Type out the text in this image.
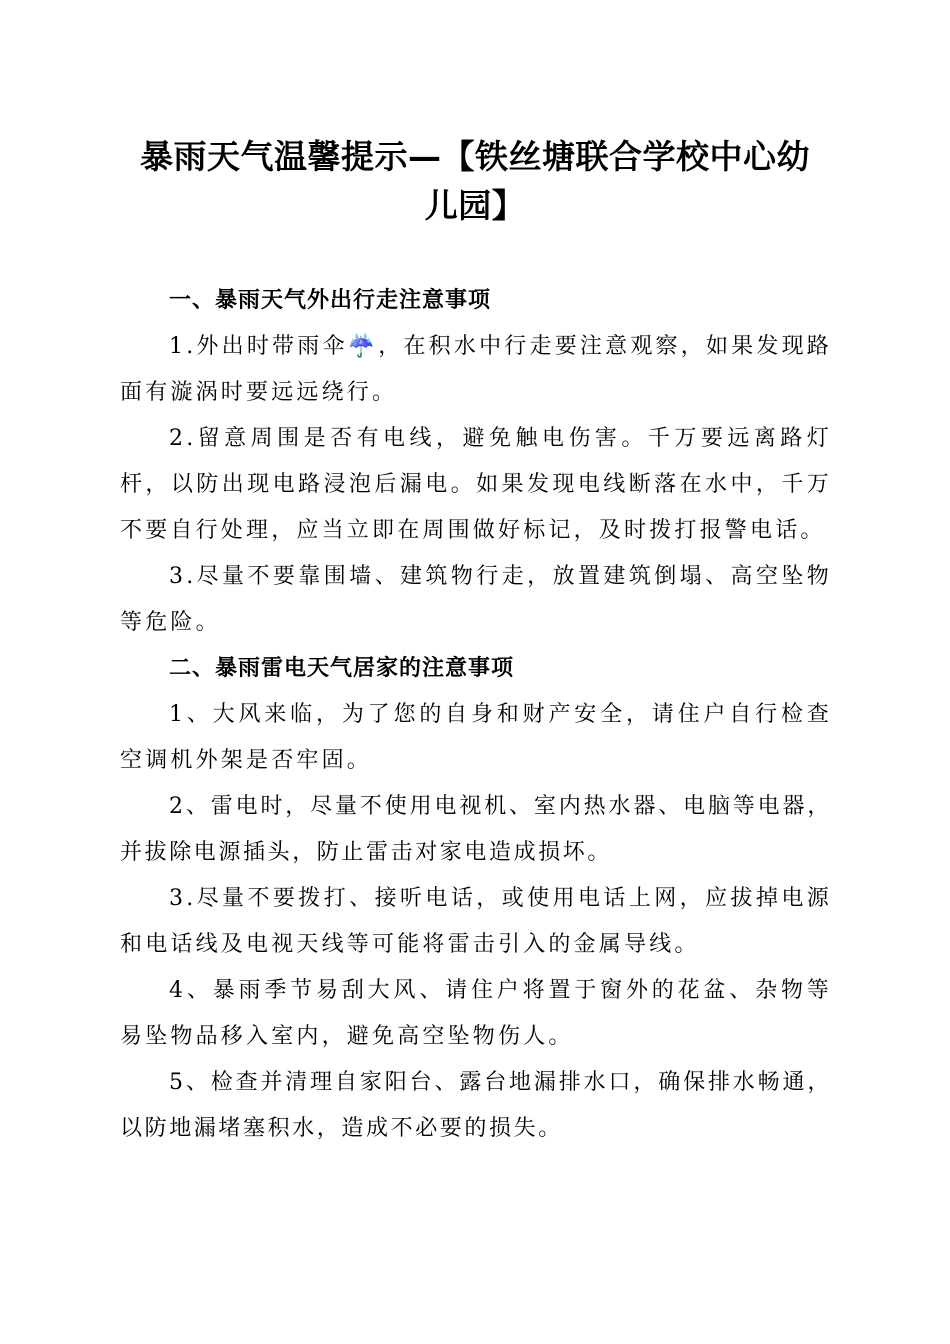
暴雨天气温馨提示—【铁丝塘联合学校中心幼
儿园】

一、暴雨天气外出行走注意事项

1.外出时带雨伞☔，在积水中行走要注意观察，如果发现路面有漩涡时要远远绕行。

2.留意周围是否有电线，避免触电伤害。千万要远离路灯杆，以防出现电路浸泡后漏电。如果发现电线断落在水中，千万不要自行处理，应当立即在周围做好标记，及时拨打报警电话。

3.尽量不要靠围墙、建筑物行走，放置建筑倒塌、高空坠物等危险。

二、暴雨雷电天气居家的注意事项

1、大风来临，为了您的自身和财产安全，请住户自行检查空调机外架是否牢固。

2、雷电时，尽量不使用电视机、室内热水器、电脑等电器，并拔除电源插头，防止雷击对家电造成损坏。

3.尽量不要拨打、接听电话，或使用电话上网，应拔掉电源和电话线及电视天线等可能将雷击引入的金属导线。

4、暴雨季节易刮大风、请住户将置于窗外的花盆、杂物等易坠物品移入室内，避免高空坠物伤人。

5、检查并清理自家阳台、露台地漏排水口，确保排水畅通，以防地漏堵塞积水，造成不必要的损失。
